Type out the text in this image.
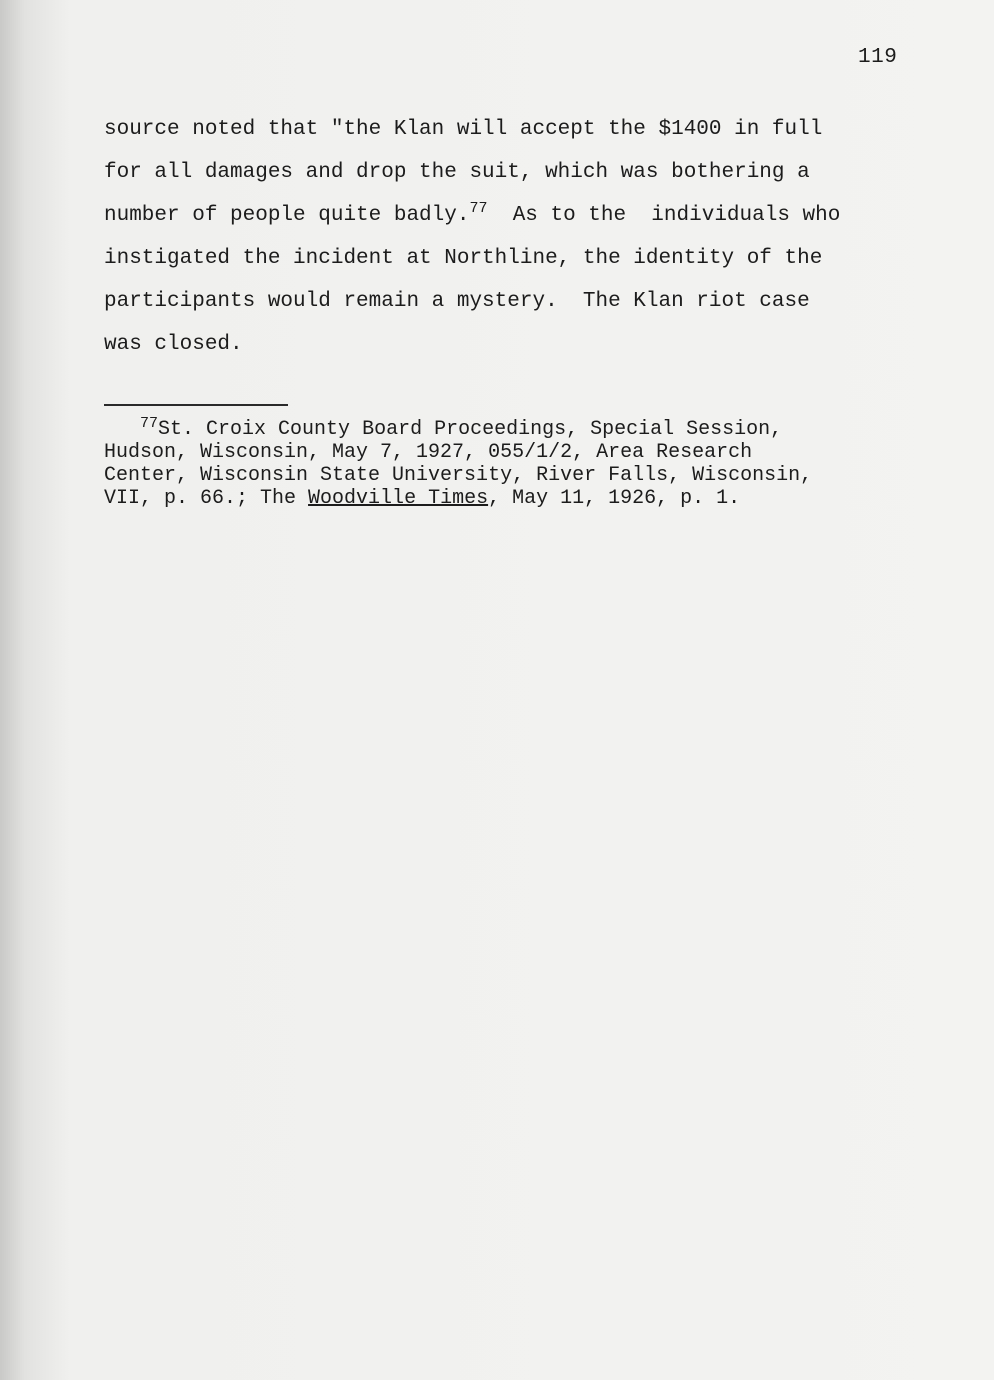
119
source noted that "the Klan will accept the $1400 in full
for all damages and drop the suit, which was bothering a
number of people quite badly.$^{77}$  As to the  individuals who
instigated the incident at Northline, the identity of the
participants would remain a mystery.  The Klan riot case
was closed.
$^{77}$St. Croix County Board Proceedings, Special Session,
Hudson, Wisconsin, May 7, 1927, 055/1/2, Area Research
Center, Wisconsin State University, River Falls, Wisconsin,
VII, p. 66.; The Woodville Times, May 11, 1926, p. 1.
